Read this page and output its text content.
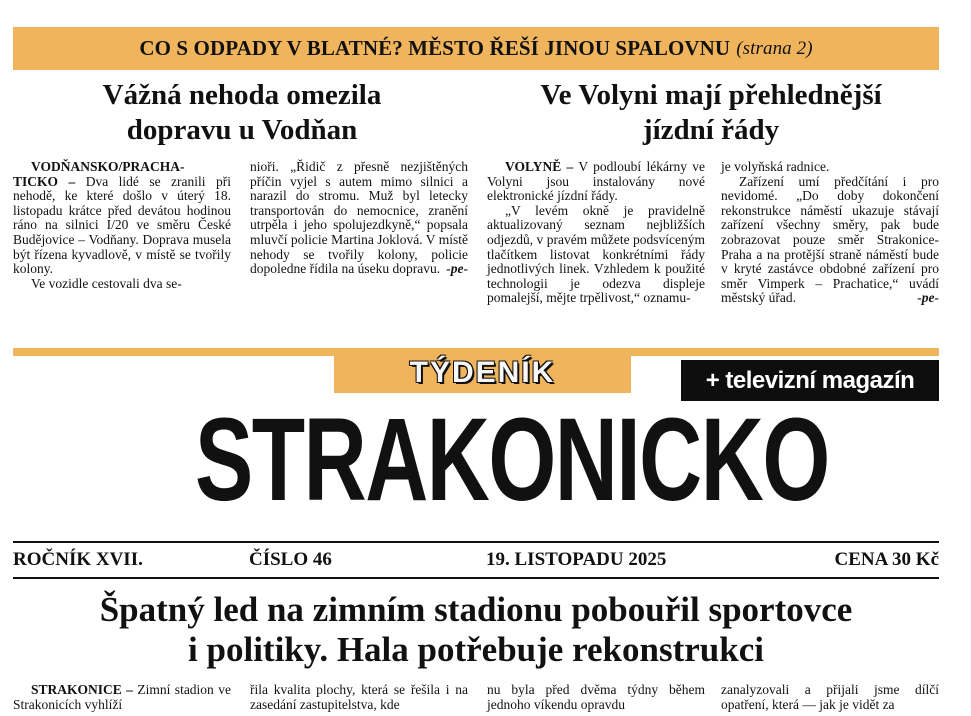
CO S ODPADY V BLATNÉ? MĚSTO ŘEŠÍ JINOU SPALOVNU (strana 2)

Vážná nehoda omezila

dopravu u Vodňan

VODŇANSKO/PRACHA-
TICKO – Dva lidé se zranili při nehodě, ke které došlo v úterý 18. listopadu krátce před devátou hodinou ráno na silnici I/20 ve směru České Budějovice – Vodňany. Doprava musela být řízena kyvadlově, v místě se tvořily kolony.

Ve vozidle cestovali dva se-

nioři. „Řidič z přesně nezjištěných příčin vyjel s autem mimo silnici a narazil do stromu. Muž byl letecky transportován do nemocnice, zranění utrpěla i jeho spolujezdkyně,“ popsala mluvčí policie Martina Joklová. V místě nehody se tvořily kolony, policie dopoledne řídila na úseku dopravu. -pe-

Ve Volyni mají přehlednější

jízdní řády

VOLYNĚ – V podloubí lékárny ve Volyni jsou instalovány nové elektronické jízdní řády.

„V levém okně je pravidelně aktualizovaný seznam nejbližších odjezdů, v pravém můžete podsvíceným tlačítkem listovat konkrétními řády jednotlivých linek. Vzhledem k použité technologii je odezva displeje pomalejší, mějte trpělivost,“ oznamu-

je volyňská radnice.

Zařízení umí předčítání i pro nevidomé. „Do doby dokončení rekonstrukce náměstí ukazuje stávají zařízení všechny směry, pak bude zobrazovat pouze směr Strakonice-Praha a na protější straně náměstí bude v kryté zastávce obdobné zařízení pro směr Vimperk – Prachatice,“ uvádí městský úřad.	-pe-
TÝDENÍK	+ televizní magazín
STRAKONICKO
ROČNÍK XVII.	ČÍSLO 46	19. LISTOPADU 2025	CENA 30 Kč
Špatný led na zimním stadionu pobouřil sportovce
i politiky. Hala potřebuje rekonstrukci

STRAKONICE – Zimní stadion ve Strakonicích vyhlíží

řila kvalita plochy, která se řešila i na zasedání zastupitelstva, kde

nu byla před dvěma týdny během jednoho víkendu opravdu

zanalyzovali a přijali jsme dílčí opatření, která — jak je vidět za
